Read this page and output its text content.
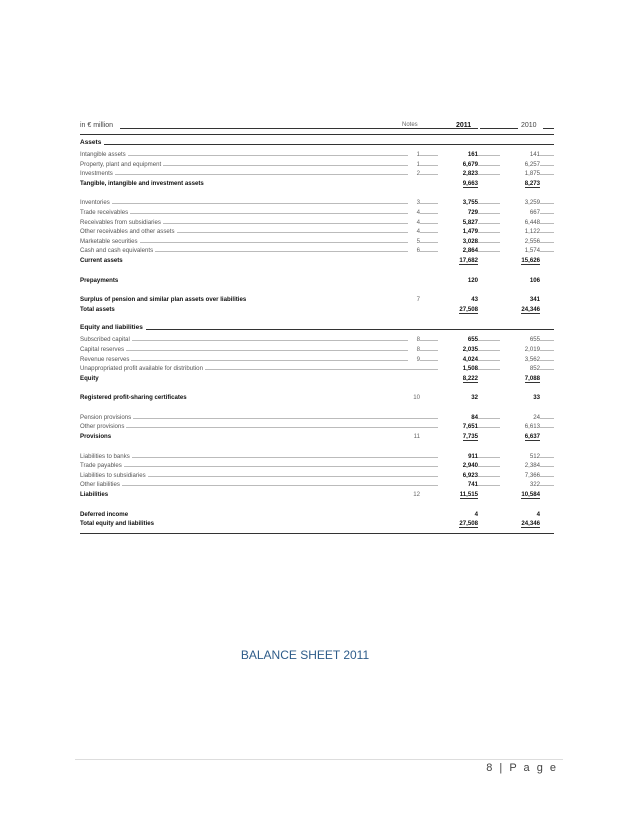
in € million	Notes	2011	2010
Assets
Intangible assets	1	161	141
Property, plant and equipment	1	6,679	6,257
Investments	2	2,823	1,875
Tangible, intangible and investment assets	9,663	8,273
Inventories	3	3,755	3,259
Trade receivables	4	729	667
Receivables from subsidiaries	4	5,827	6,448
Other receivables and other assets	4	1,479	1,122
Marketable securities	5	3,028	2,556
Cash and cash equivalents	6	2,864	1,574
Current assets	17,682	15,626
Prepayments	120	106
Surplus of pension and similar plan assets over liabilities	7	43	341
Total assets	27,508	24,346
Equity and liabilities
Subscribed capital	8	655	655
Capital reserves	8	2,035	2,019
Revenue reserves	9	4,024	3,562
Unappropriated profit available for distribution	1,508	852
Equity	8,222	7,088
Registered profit-sharing certificates	10	32	33
Pension provisions	84	24
Other provisions	7,651	6,613
Provisions	11	7,735	6,637
Liabilities to banks	911	512
Trade payables	2,940	2,384
Liabilities to subsidiaries	6,923	7,366
Other liabilities	741	322
Liabilities	12	11,515	10,584
Deferred income	4	4
Total equity and liabilities	27,508	24,346
BALANCE SHEET 2011
8 | P a g e
